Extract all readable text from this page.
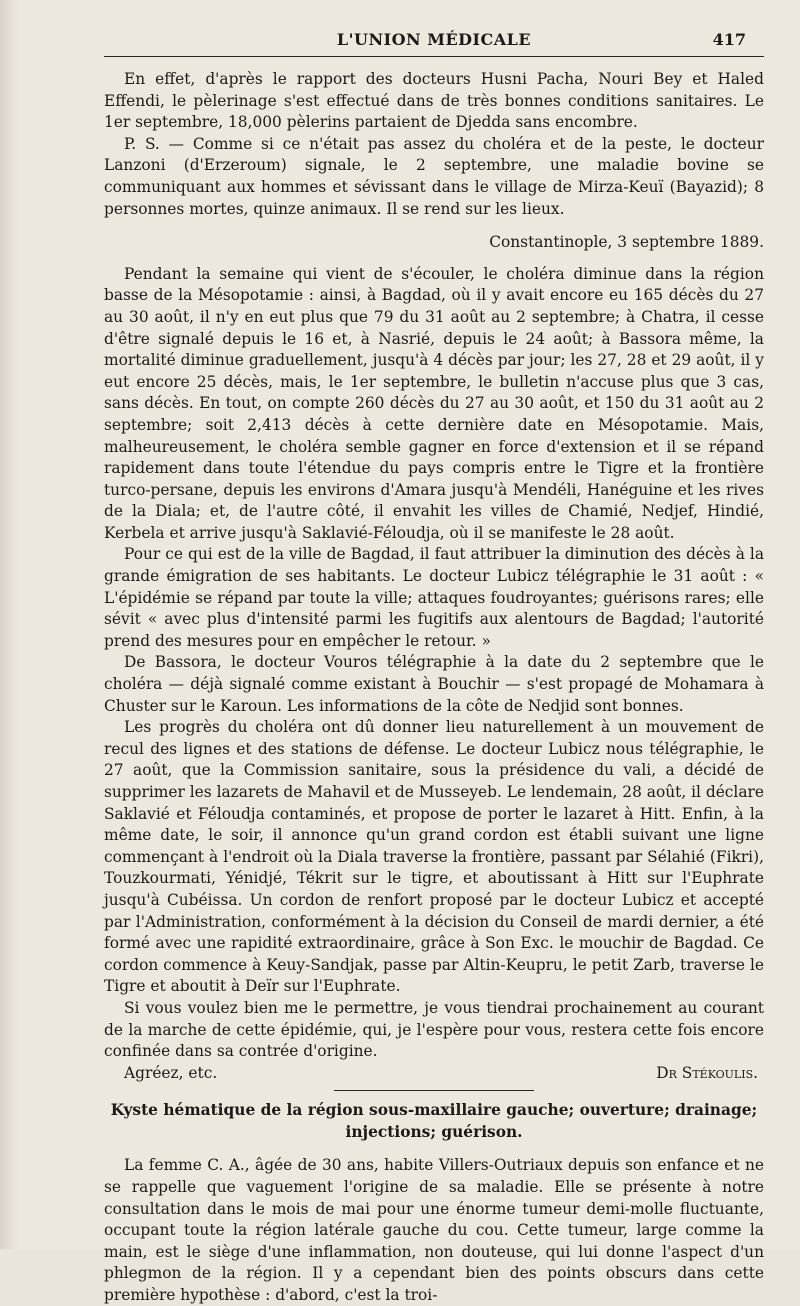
L'UNION MÉDICALE	417

En effet, d'après le rapport des docteurs Husni Pacha, Nouri Bey et Haled Effendi, le pèlerinage s'est effectué dans de très bonnes conditions sanitaires. Le 1er septembre, 18,000 pèlerins partaient de Djedda sans encombre.

P. S. — Comme si ce n'était pas assez du choléra et de la peste, le docteur Lanzoni (d'Erzeroum) signale, le 2 septembre, une maladie bovine se communiquant aux hommes et sévissant dans le village de Mirza-Keuï (Bayazid); 8 personnes mortes, quinze animaux. Il se rend sur les lieux.

Constantinople, 3 septembre 1889.

Pendant la semaine qui vient de s'écouler, le choléra diminue dans la région basse de la Mésopotamie : ainsi, à Bagdad, où il y avait encore eu 165 décès du 27 au 30 août, il n'y en eut plus que 79 du 31 août au 2 septembre; à Chatra, il cesse d'être signalé depuis le 16 et, à Nasrié, depuis le 24 août; à Bassora même, la mortalité diminue graduellement, jusqu'à 4 décès par jour; les 27, 28 et 29 août, il y eut encore 25 décès, mais, le 1er septembre, le bulletin n'accuse plus que 3 cas, sans décès. En tout, on compte 260 décès du 27 au 30 août, et 150 du 31 août au 2 septembre; soit 2,413 décès à cette dernière date en Mésopotamie. Mais, malheureusement, le choléra semble gagner en force d'extension et il se répand rapidement dans toute l'étendue du pays compris entre le Tigre et la frontière turco-persane, depuis les environs d'Amara jusqu'à Mendéli, Hanéguine et les rives de la Diala; et, de l'autre côté, il envahit les villes de Chamié, Nedjef, Hindié, Kerbela et arrive jusqu'à Saklavié-Féloudja, où il se manifeste le 28 août.

Pour ce qui est de la ville de Bagdad, il faut attribuer la diminution des décès à la grande émigration de ses habitants. Le docteur Lubicz télégraphie le 31 août : « L'épidémie se répand par toute la ville; attaques foudroyantes; guérisons rares; elle sévit « avec plus d'intensité parmi les fugitifs aux alentours de Bagdad; l'autorité prend des mesures pour en empêcher le retour. »

De Bassora, le docteur Vouros télégraphie à la date du 2 septembre que le choléra — déjà signalé comme existant à Bouchir — s'est propagé de Mohamara à Chuster sur le Karoun. Les informations de la côte de Nedjid sont bonnes.

Les progrès du choléra ont dû donner lieu naturellement à un mouvement de recul des lignes et des stations de défense. Le docteur Lubicz nous télégraphie, le 27 août, que la Commission sanitaire, sous la présidence du vali, a décidé de supprimer les lazarets de Mahavil et de Musseyeb. Le lendemain, 28 août, il déclare Saklavié et Féloudja contaminés, et propose de porter le lazaret à Hitt. Enfin, à la même date, le soir, il annonce qu'un grand cordon est établi suivant une ligne commençant à l'endroit où la Diala traverse la frontière, passant par Sélahié (Fikri), Touzkourmati, Yénidjé, Tékrit sur le tigre, et aboutissant à Hitt sur l'Euphrate jusqu'à Cubéissa. Un cordon de renfort proposé par le docteur Lubicz et accepté par l'Administration, conformément à la décision du Conseil de mardi dernier, a été formé avec une rapidité extraordinaire, grâce à Son Exc. le mouchir de Bagdad. Ce cordon commence à Keuy-Sandjak, passe par Altin-Keupru, le petit Zarb, traverse le Tigre et aboutit à Deïr sur l'Euphrate.

Si vous voulez bien me le permettre, je vous tiendrai prochainement au courant de la marche de cette épidémie, qui, je l'espère pour vous, restera cette fois encore confinée dans sa contrée d'origine.

Agréez, etc.	Dr Stékoulis.
Kyste hématique de la région sous-maxillaire gauche; ouverture; drainage; injections; guérison.

La femme C. A., âgée de 30 ans, habite Villers-Outriaux depuis son enfance et ne se rappelle que vaguement l'origine de sa maladie. Elle se présente à notre consultation dans le mois de mai pour une énorme tumeur demi-molle fluctuante, occupant toute la région latérale gauche du cou. Cette tumeur, large comme la main, est le siège d'une inflammation, non douteuse, qui lui donne l'aspect d'un phlegmon de la région. Il y a cependant bien des points obscurs dans cette première hypothèse : d'abord, c'est la troi-
